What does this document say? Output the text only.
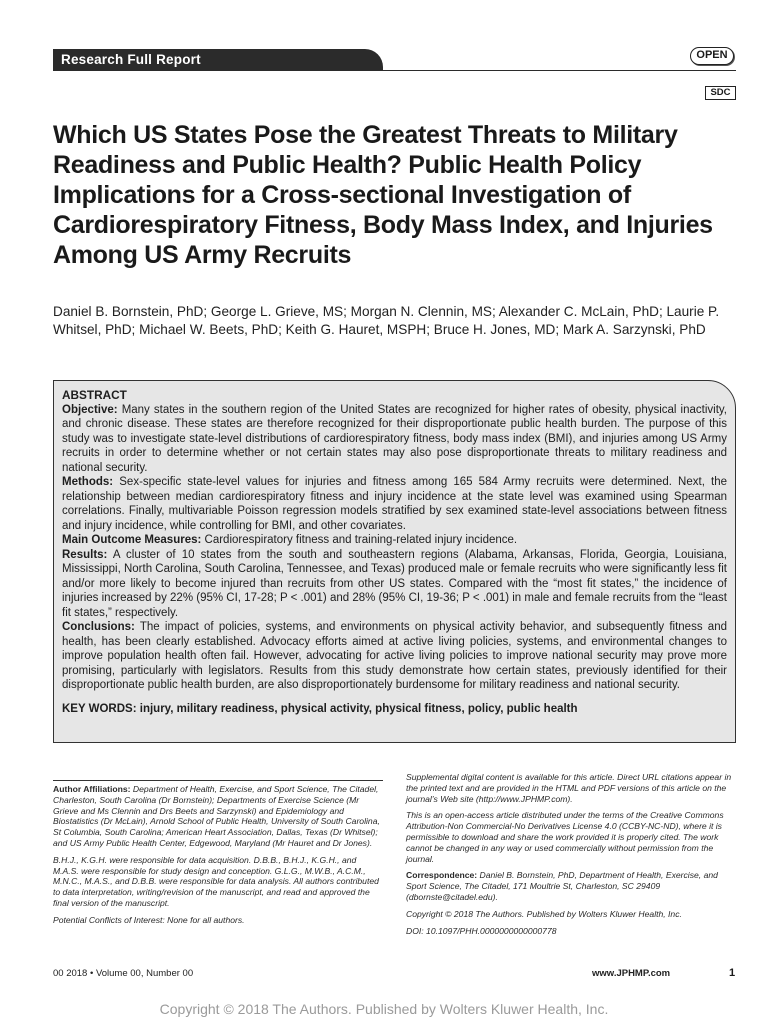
Research Full Report	OPEN
SDC
Which US States Pose the Greatest Threats to Military Readiness and Public Health? Public Health Policy Implications for a Cross-sectional Investigation of Cardiorespiratory Fitness, Body Mass Index, and Injuries Among US Army Recruits
Daniel B. Bornstein, PhD; George L. Grieve, MS; Morgan N. Clennin, MS; Alexander C. McLain, PhD; Laurie P. Whitsel, PhD; Michael W. Beets, PhD; Keith G. Hauret, MSPH; Bruce H. Jones, MD; Mark A. Sarzynski, PhD

ABSTRACT

Objective: Many states in the southern region of the United States are recognized for higher rates of obesity, physical inactivity, and chronic disease. These states are therefore recognized for their disproportionate public health burden. The purpose of this study was to investigate state-level distributions of cardiorespiratory fitness, body mass index (BMI), and injuries among US Army recruits in order to determine whether or not certain states may also pose disproportionate threats to military readiness and national security.

Methods: Sex-specific state-level values for injuries and fitness among 165 584 Army recruits were determined. Next, the relationship between median cardiorespiratory fitness and injury incidence at the state level was examined using Spearman correlations. Finally, multivariable Poisson regression models stratified by sex examined state-level associations between fitness and injury incidence, while controlling for BMI, and other covariates.

Main Outcome Measures: Cardiorespiratory fitness and training-related injury incidence.

Results: A cluster of 10 states from the south and southeastern regions (Alabama, Arkansas, Florida, Georgia, Louisiana, Mississippi, North Carolina, South Carolina, Tennessee, and Texas) produced male or female recruits who were significantly less fit and/or more likely to become injured than recruits from other US states. Compared with the “most fit states,” the incidence of injuries increased by 22% (95% CI, 17-28; P < .001) and 28% (95% CI, 19-36; P < .001) in male and female recruits from the “least fit states,” respectively.

Conclusions: The impact of policies, systems, and environments on physical activity behavior, and subsequently fitness and health, has been clearly established. Advocacy efforts aimed at active living policies, systems, and environmental changes to improve population health often fail. However, advocating for active living policies to improve national security may prove more promising, particularly with legislators. Results from this study demonstrate how certain states, previously identified for their disproportionate public health burden, are also disproportionately burdensome for military readiness and national security.

KEY WORDS: injury, military readiness, physical activity, physical fitness, policy, public health

Author Affiliations: Department of Health, Exercise, and Sport Science, The Citadel, Charleston, South Carolina (Dr Bornstein); Departments of Exercise Science (Mr Grieve and Ms Clennin and Drs Beets and Sarzynski) and Epidemiology and Biostatistics (Dr McLain), Arnold School of Public Health, University of South Carolina, St Columbia, South Carolina; American Heart Association, Dallas, Texas (Dr Whitsel); and US Army Public Health Center, Edgewood, Maryland (Mr Hauret and Dr Jones).

B.H.J., K.G.H. were responsible for data acquisition. D.B.B., B.H.J., K.G.H., and M.A.S. were responsible for study design and conception. G.L.G., M.W.B., A.C.M., M.N.C., M.A.S., and D.B.B. were responsible for data analysis. All authors contributed to data interpretation, writing/revision of the manuscript, and read and approved the final version of the manuscript.

Potential Conflicts of Interest: None for all authors.

Supplemental digital content is available for this article. Direct URL citations appear in the printed text and are provided in the HTML and PDF versions of this article on the journal’s Web site (http://www.JPHMP.com).

This is an open-access article distributed under the terms of the Creative Commons Attribution-Non Commercial-No Derivatives License 4.0 (CCBY-NC-ND), where it is permissible to download and share the work provided it is properly cited. The work cannot be changed in any way or used commercially without permission from the journal.

Correspondence: Daniel B. Bornstein, PhD, Department of Health, Exercise, and Sport Science, The Citadel, 171 Moultrie St, Charleston, SC 29409 (dbornste@citadel.edu).

Copyright © 2018 The Authors. Published by Wolters Kluwer Health, Inc.

DOI: 10.1097/PHH.0000000000000778

00 2018 • Volume 00, Number 00	www.JPHMP.com	1
Copyright © 2018 The Authors. Published by Wolters Kluwer Health, Inc.
